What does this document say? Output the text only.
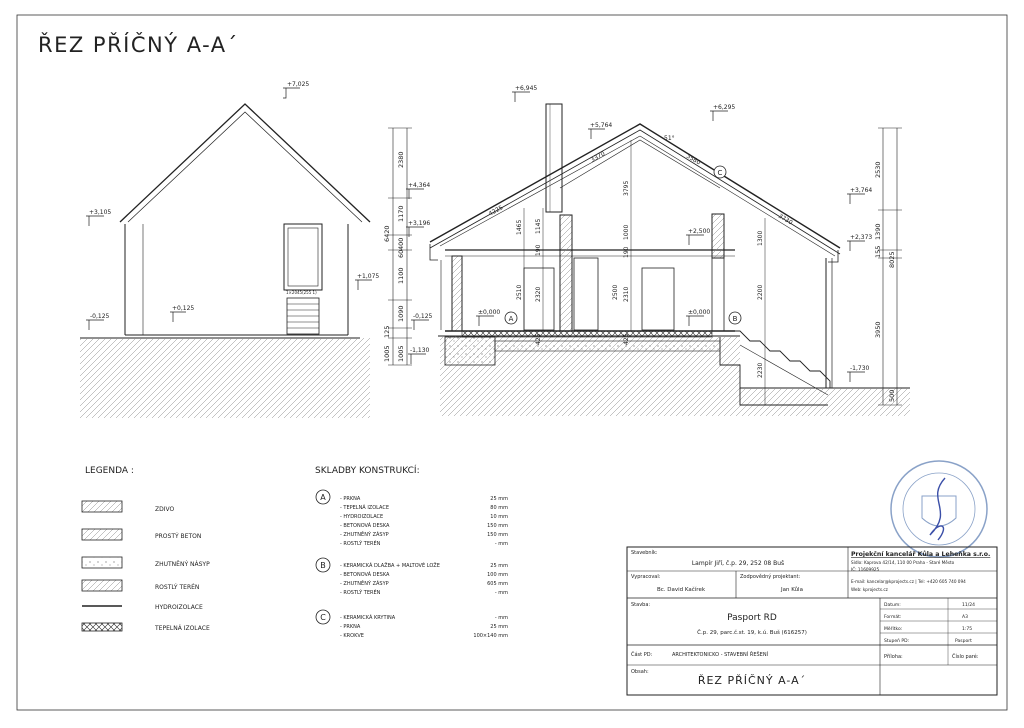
ŘEZ PŘÍČNÝ A-A´
1×2045(255 1)
+7,025
+3,105
+1,075
+0,125
-0,125
2380
1170
6420
400
60
1100
1090
125
1005 1005
A	B
C
+6,945
+5,764
+6,295
+4,364
+3,196
+3,764
+2,500
+2,373
-0,125
±0,000	±0,000
-1,130
-1,730
4225
3370	3580
3730
51°
1465 1145
3795
1000
190	190
2510 2320	2500 2310
1300
2200
2230
425	425
2530
1390
155 8025
3950
500
LEGENDA :
ZDIVO
PROSTÝ BETON
ZHUTNĚNÝ NÁSYP
ROSTLÝ TERÉN
HYDROIZOLACE
TEPELNÁ IZOLACE
SKLADBY KONSTRUKCÍ:
A
B
C
- PRKNA	25 mm
- TEPELNÁ IZOLACE	80 mm
- HYDROIZOLACE	10 mm
- BETONOVÁ DESKA	150 mm
- ZHUTNĚNÝ ZÁSYP	150 mm
- ROSTLÝ TERÉN	- mm
- KERAMICKÁ DLAŽBA + MALTOVÉ LOŽE	25 mm
- BETONOVÁ DESKA	100 mm
- ZHUTNĚNÝ ZÁSYP	605 mm
- ROSTLÝ TERÉN	- mm
- KERAMICKÁ KRYTINA	- mm
- PRKNA	25 mm
- KROKVE	100×140 mm
Stavebník:
Lampír Jiří, č.p. 29, 252 08 Buš
Projekční kancelář Kůla a Leheňka s.r.o.
Sídlo: Kaprova 42/14, 110 00 Praha - Staré Město
IČ: 11609925
E-mail: kancelar@kprojects.cz | Tel: +420 605 740 094
Web: kprojects.cz
Vypracoval:
Bc. David Kačírek
Zodpovědný projektant:
Jan Kůla
Stavba:
Pasport RD
Č.p. 29, parc.č.st. 19, k.ú. Buš (616257)
Datum:	11/24
Formát:	A3
Měřítko:	1:75
Stupeň PD:	Pasport
Část PD:	ARCHITEKTONICKO - STAVEBNÍ ŘEŠENÍ	Příloha:	Číslo paré:
Obsah:
ŘEZ PŘÍČNÝ A-A´
